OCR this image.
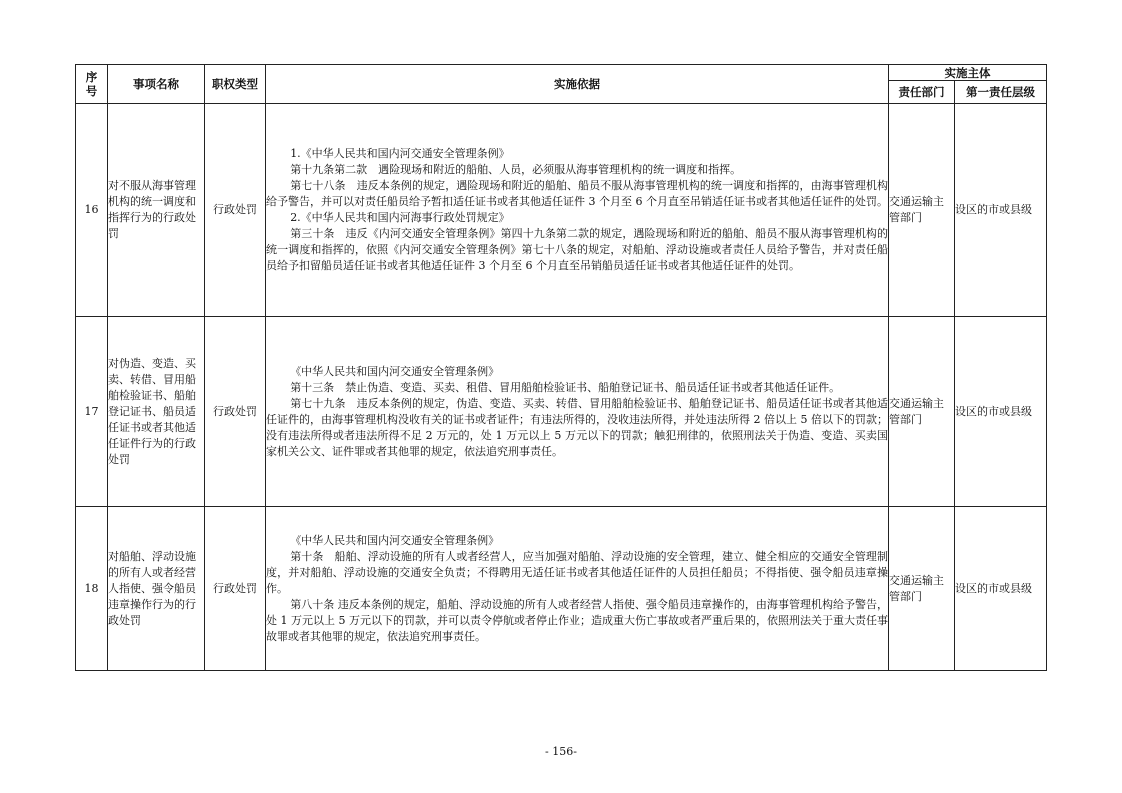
序号	事项名称	职权类型	实施依据	实施主体	
				责任部门	第一责任层级
16	对不服从海事管理机构的统一调度和指挥行为的行政处罚	行政处罚	1.《中华人民共和国内河交通安全管理条例》

第十九条第二款　遇险现场和附近的船舶、人员，必须服从海事管理机构的统一调度和指挥。

第七十八条　违反本条例的规定，遇险现场和附近的船舶、船员不服从海事管理机构的统一调度和指挥的，由海事管理机构给予警告，并可以对责任船员给予暂扣适任证书或者其他适任证件 3 个月至 6 个月直至吊销适任证书或者其他适任证件的处罚。

2.《中华人民共和国内河海事行政处罚规定》

第三十条　违反《内河交通安全管理条例》第四十九条第二款的规定，遇险现场和附近的船舶、船员不服从海事管理机构的统一调度和指挥的，依照《内河交通安全管理条例》第七十八条的规定，对船舶、浮动设施或者责任人员给予警告，并对责任船员给予扣留船员适任证书或者其他适任证件 3 个月至 6 个月直至吊销船员适任证书或者其他适任证件的处罚。	交通运输主管部门	设区的市或县级
17	对伪造、变造、买卖、转借、冒用船舶检验证书、船舶登记证书、船员适任证书或者其他适任证件行为的行政处罚	行政处罚	《中华人民共和国内河交通安全管理条例》

第十三条　禁止伪造、变造、买卖、租借、冒用船舶检验证书、船舶登记证书、船员适任证书或者其他适任证件。

第七十九条　违反本条例的规定，伪造、变造、买卖、转借、冒用船舶检验证书、船舶登记证书、船员适任证书或者其他适任证件的，由海事管理机构没收有关的证书或者证件；有违法所得的，没收违法所得，并处违法所得 2 倍以上 5 倍以下的罚款；没有违法所得或者违法所得不足 2 万元的，处 1 万元以上 5 万元以下的罚款；触犯刑律的，依照刑法关于伪造、变造、买卖国家机关公文、证件罪或者其他罪的规定，依法追究刑事责任。	交通运输主管部门	设区的市或县级
18	对船舶、浮动设施的所有人或者经营人指使、强令船员违章操作行为的行政处罚	行政处罚	《中华人民共和国内河交通安全管理条例》

第十条　船舶、浮动设施的所有人或者经营人，应当加强对船舶、浮动设施的安全管理，建立、健全相应的交通安全管理制度，并对船舶、浮动设施的交通安全负责；不得聘用无适任证书或者其他适任证件的人员担任船员；不得指使、强令船员违章操作。

第八十条 违反本条例的规定，船舶、浮动设施的所有人或者经营人指使、强令船员违章操作的，由海事管理机构给予警告，处 1 万元以上 5 万元以下的罚款，并可以责令停航或者停止作业；造成重大伤亡事故或者严重后果的，依照刑法关于重大责任事故罪或者其他罪的规定，依法追究刑事责任。	交通运输主管部门	设区的市或县级
- 156-
